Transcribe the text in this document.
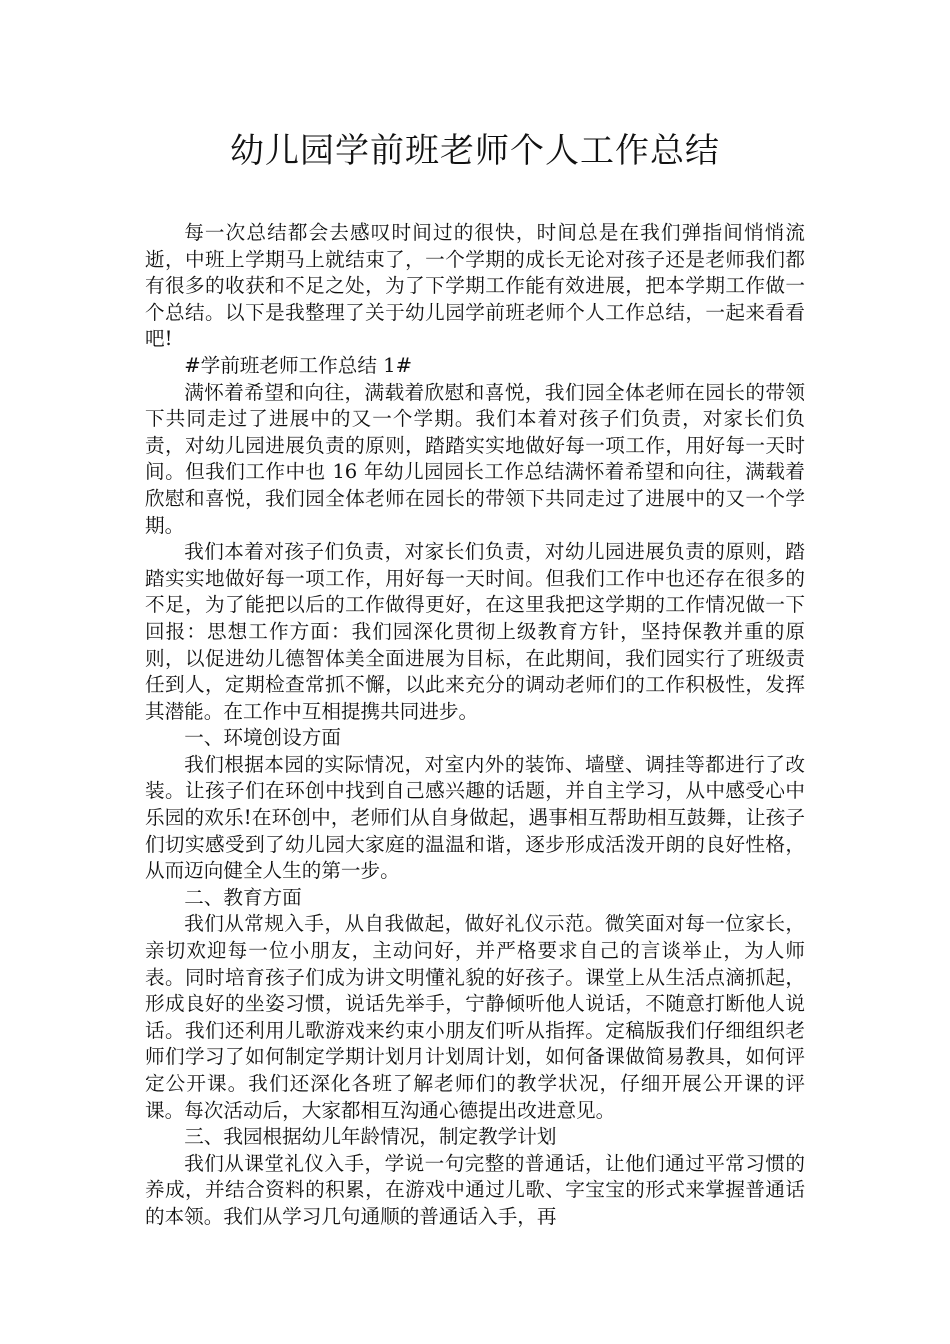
幼儿园学前班老师个人工作总结

每一次总结都会去感叹时间过的很快，时间总是在我们弹指间悄悄流逝，中班上学期马上就结束了，一个学期的成长无论对孩子还是老师我们都有很多的收获和不足之处，为了下学期工作能有效进展，把本学期工作做一个总结。以下是我整理了关于幼儿园学前班老师个人工作总结，一起来看看吧!

#学前班老师工作总结 1#

满怀着希望和向往，满载着欣慰和喜悦，我们园全体老师在园长的带领下共同走过了进展中的又一个学期。我们本着对孩子们负责，对家长们负责，对幼儿园进展负责的原则，踏踏实实地做好每一项工作，用好每一天时间。但我们工作中也 16 年幼儿园园长工作总结满怀着希望和向往，满载着欣慰和喜悦，我们园全体老师在园长的带领下共同走过了进展中的又一个学期。

我们本着对孩子们负责，对家长们负责，对幼儿园进展负责的原则，踏踏实实地做好每一项工作，用好每一天时间。但我们工作中也还存在很多的不足，为了能把以后的工作做得更好，在这里我把这学期的工作情况做一下回报：思想工作方面：我们园深化贯彻上级教育方针，坚持保教并重的原则，以促进幼儿德智体美全面进展为目标，在此期间，我们园实行了班级责任到人，定期检查常抓不懈，以此来充分的调动老师们的工作积极性，发挥其潜能。在工作中互相提携共同进步。

一、环境创设方面

我们根据本园的实际情况，对室内外的装饰、墙壁、调挂等都进行了改装。让孩子们在环创中找到自己感兴趣的话题，并自主学习，从中感受心中乐园的欢乐!在环创中，老师们从自身做起，遇事相互帮助相互鼓舞，让孩子们切实感受到了幼儿园大家庭的温温和谐，逐步形成活泼开朗的良好性格，从而迈向健全人生的第一步。

二、教育方面

我们从常规入手，从自我做起，做好礼仪示范。微笑面对每一位家长，亲切欢迎每一位小朋友，主动问好，并严格要求自己的言谈举止，为人师表。同时培育孩子们成为讲文明懂礼貌的好孩子。课堂上从生活点滴抓起，形成良好的坐姿习惯，说话先举手，宁静倾听他人说话，不随意打断他人说话。我们还利用儿歌游戏来约束小朋友们听从指挥。定稿版我们仔细组织老师们学习了如何制定学期计划月计划周计划，如何备课做简易教具，如何评定公开课。我们还深化各班了解老师们的教学状况，仔细开展公开课的评课。每次活动后，大家都相互沟通心德提出改进意见。

三、我园根据幼儿年龄情况，制定教学计划

我们从课堂礼仪入手，学说一句完整的普通话，让他们通过平常习惯的养成，并结合资料的积累，在游戏中通过儿歌、字宝宝的形式来掌握普通话的本领。我们从学习几句通顺的普通话入手，再
